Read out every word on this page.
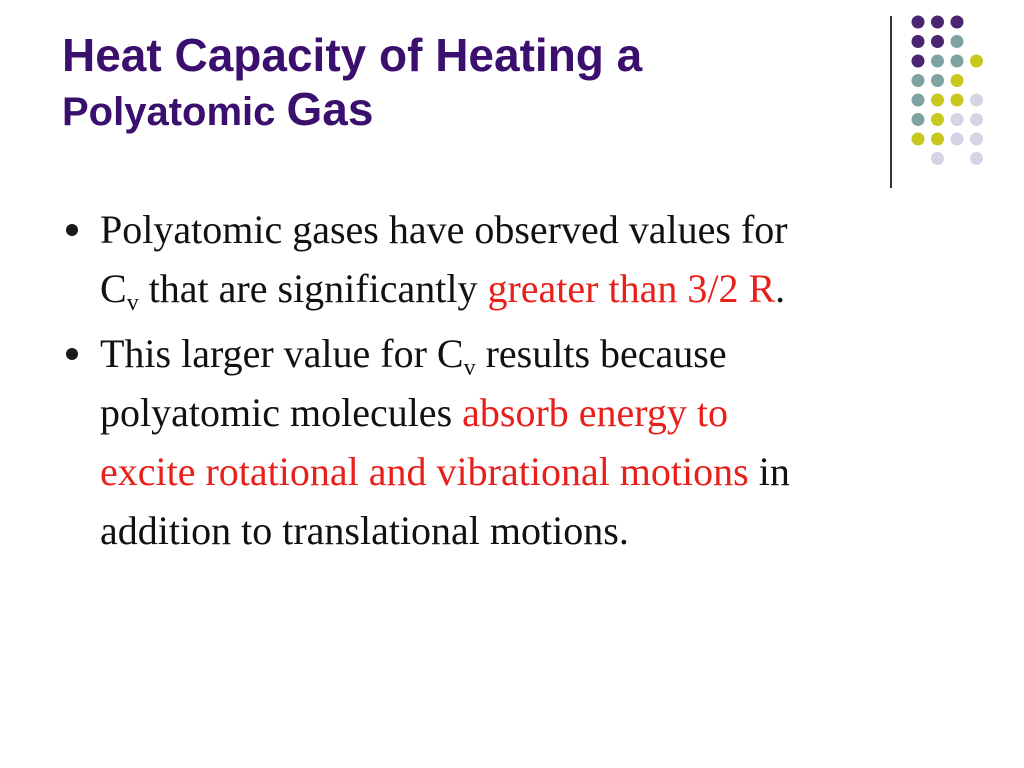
Heat Capacity of Heating a
Polyatomic Gas
Polyatomic gases have observed values for
$C_v$ that are significantly greater than 3/2 R.
This larger value for $C_v$ results because
polyatomic molecules absorb energy to
excite rotational and vibrational motions in
addition to translational motions.
